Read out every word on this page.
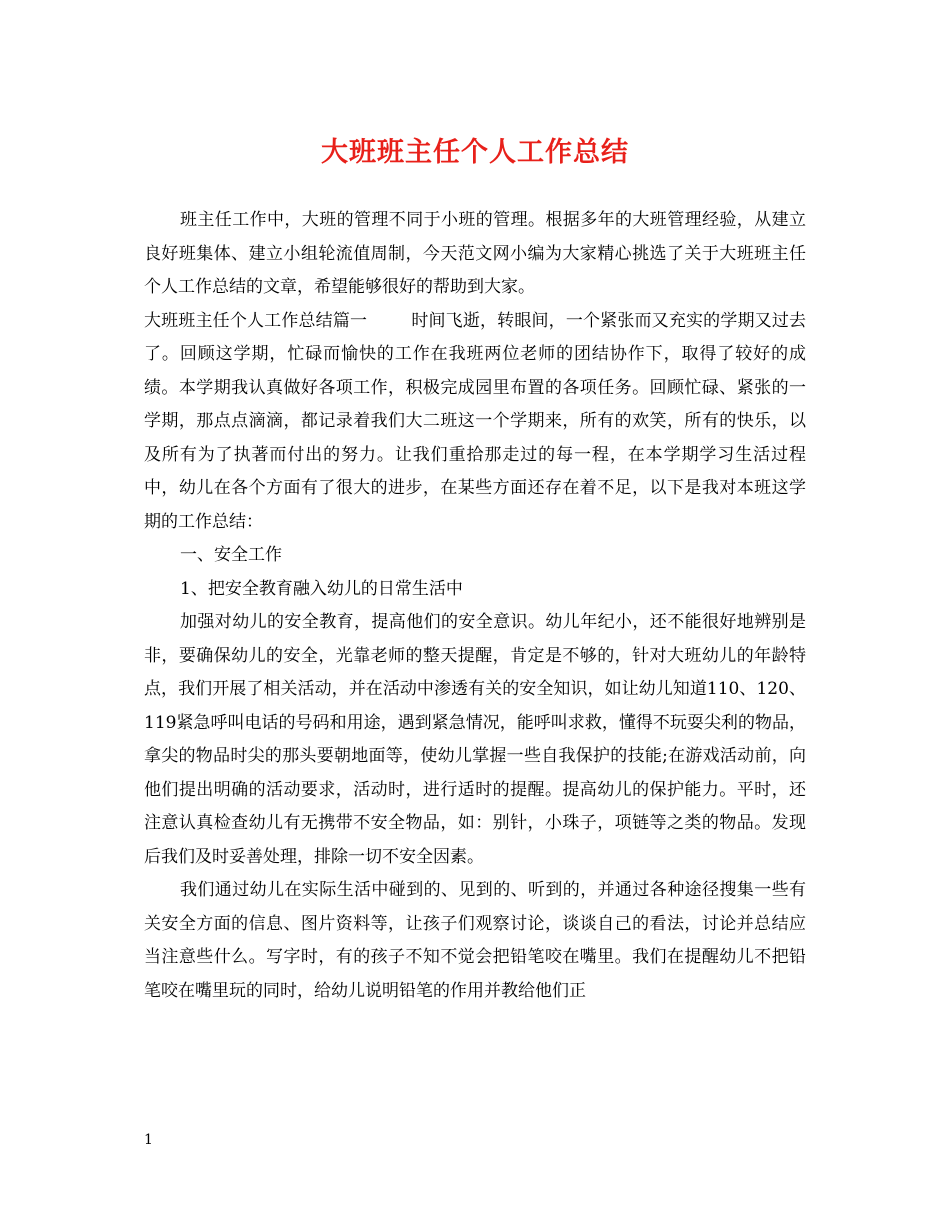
大班班主任个人工作总结

班主任工作中，大班的管理不同于小班的管理。根据多年的大班管理经验，从建立良好班集体、建立小组轮流值周制，今天范文网小编为大家精心挑选了关于大班班主任个人工作总结的文章，希望能够很好的帮助到大家。

大班班主任个人工作总结篇一	时间飞逝，转眼间，一个紧张而又充实的学期又过去了。回顾这学期，忙碌而愉快的工作在我班两位老师的团结协作下，取得了较好的成绩。本学期我认真做好各项工作，积极完成园里布置的各项任务。回顾忙碌、紧张的一学期，那点点滴滴，都记录着我们大二班这一个学期来，所有的欢笑，所有的快乐，以及所有为了执著而付出的努力。让我们重拾那走过的每一程，在本学期学习生活过程中，幼儿在各个方面有了很大的进步，在某些方面还存在着不足，以下是我对本班这学期的工作总结：

一、安全工作

1、把安全教育融入幼儿的日常生活中

加强对幼儿的安全教育，提高他们的安全意识。幼儿年纪小，还不能很好地辨别是非，要确保幼儿的安全，光靠老师的整天提醒，肯定是不够的，针对大班幼儿的年龄特点，我们开展了相关活动，并在活动中渗透有关的安全知识，如让幼儿知道110、120、119紧急呼叫电话的号码和用途，遇到紧急情况，能呼叫求救，懂得不玩耍尖利的物品，拿尖的物品时尖的那头要朝地面等，使幼儿掌握一些自我保护的技能;在游戏活动前，向他们提出明确的活动要求，活动时，进行适时的提醒。提高幼儿的保护能力。平时，还注意认真检查幼儿有无携带不安全物品，如：别针，小珠子，项链等之类的物品。发现后我们及时妥善处理，排除一切不安全因素。

我们通过幼儿在实际生活中碰到的、见到的、听到的，并通过各种途径搜集一些有关安全方面的信息、图片资料等，让孩子们观察讨论，谈谈自己的看法，讨论并总结应当注意些什么。写字时，有的孩子不知不觉会把铅笔咬在嘴里。我们在提醒幼儿不把铅笔咬在嘴里玩的同时，给幼儿说明铅笔的作用并教给他们正

1
